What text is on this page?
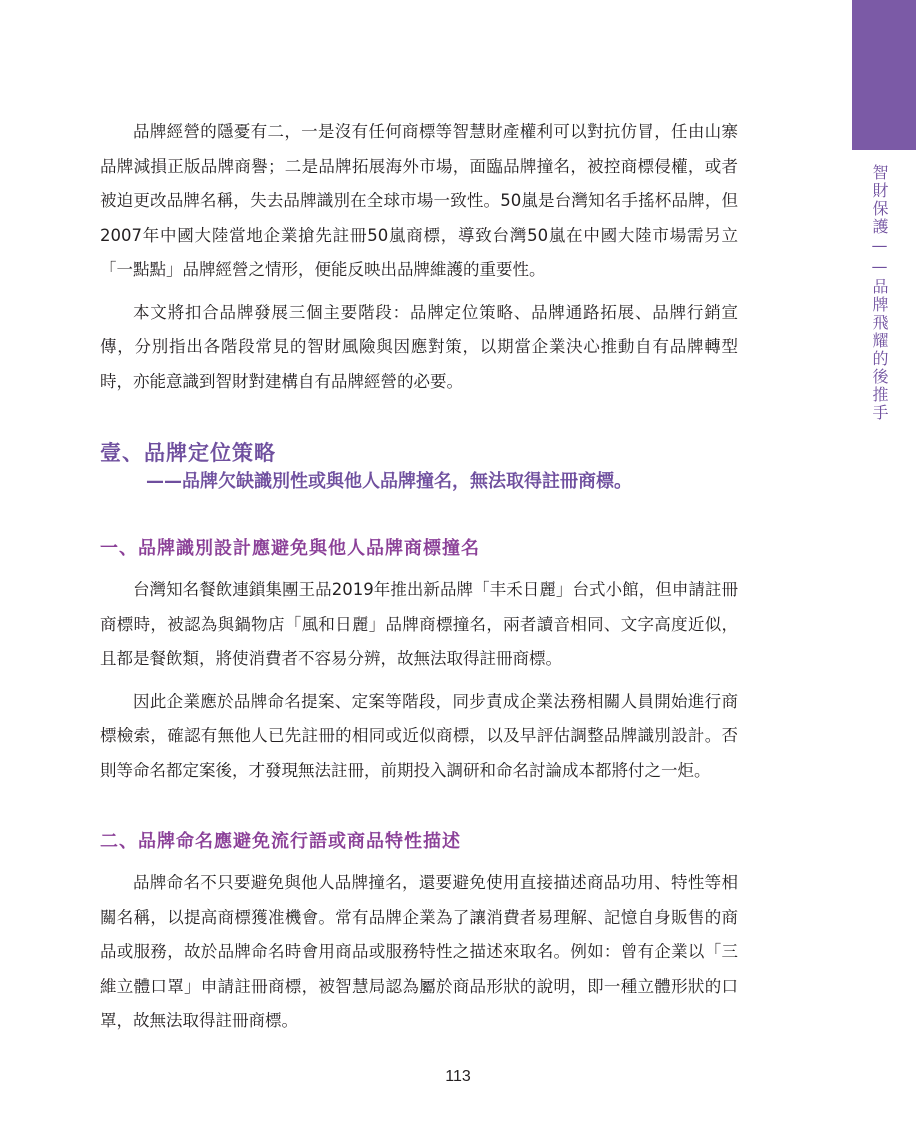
智財保護——品牌飛耀的後推手

品牌經營的隱憂有二，一是沒有任何商標等智慧財產權利可以對抗仿冒，任由山寨品牌減損正版品牌商譽；二是品牌拓展海外市場，面臨品牌撞名，被控商標侵權，或者被迫更改品牌名稱，失去品牌識別在全球市場一致性。50嵐是台灣知名手搖杯品牌，但2007年中國大陸當地企業搶先註冊50嵐商標，導致台灣50嵐在中國大陸市場需另立「一點點」品牌經營之情形，便能反映出品牌維護的重要性。

本文將扣合品牌發展三個主要階段：品牌定位策略、品牌通路拓展、品牌行銷宣傳，分別指出各階段常見的智財風險與因應對策，以期當企業決心推動自有品牌轉型時，亦能意識到智財對建構自有品牌經營的必要。

壹、品牌定位策略
——品牌欠缺識別性或與他人品牌撞名，無法取得註冊商標。
一、品牌識別設計應避免與他人品牌商標撞名

台灣知名餐飲連鎖集團王品2019年推出新品牌「丰禾日麗」台式小館，但申請註冊商標時，被認為與鍋物店「風和日麗」品牌商標撞名，兩者讀音相同、文字高度近似，且都是餐飲類，將使消費者不容易分辨，故無法取得註冊商標。

因此企業應於品牌命名提案、定案等階段，同步責成企業法務相關人員開始進行商標檢索，確認有無他人已先註冊的相同或近似商標，以及早評估調整品牌識別設計。否則等命名都定案後，才發現無法註冊，前期投入調研和命名討論成本都將付之一炬。

二、品牌命名應避免流行語或商品特性描述

品牌命名不只要避免與他人品牌撞名，還要避免使用直接描述商品功用、特性等相關名稱，以提高商標獲准機會。常有品牌企業為了讓消費者易理解、記憶自身販售的商品或服務，故於品牌命名時會用商品或服務特性之描述來取名。例如：曾有企業以「三維立體口罩」申請註冊商標，被智慧局認為屬於商品形狀的說明，即一種立體形狀的口罩，故無法取得註冊商標。

113
